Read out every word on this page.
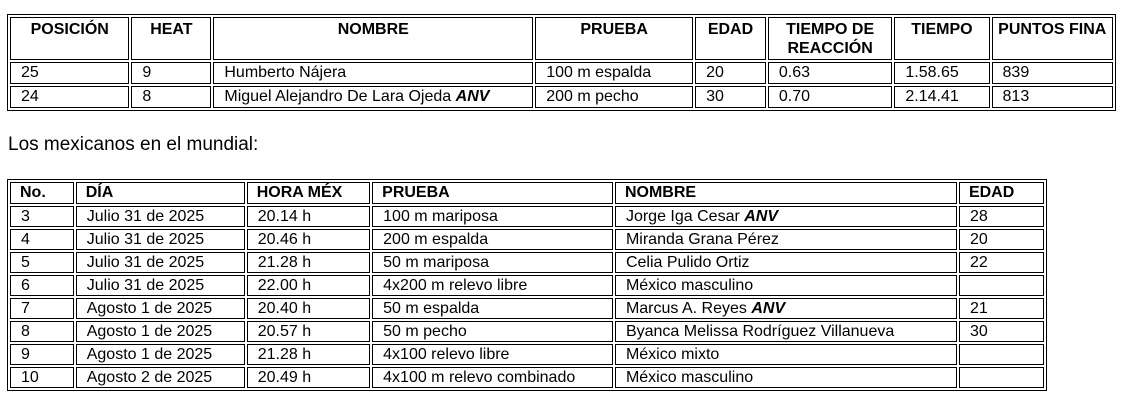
POSICIÓN	HEAT	NOMBRE	PRUEBA	EDAD	TIEMPO DE REACCIÓN	TIEMPO	PUNTOS FINA
25	9	Humberto Nájera	100 m espalda	20	0.63	1.58.65	839
24	8	Miguel Alejandro De Lara Ojeda ANV	200 m pecho	30	0.70	2.14.41	813
Los mexicanos en el mundial:
No.	DÍA	HORA MÉX	PRUEBA	NOMBRE	EDAD
3	Julio 31 de 2025	20.14 h	100 m mariposa	Jorge Iga Cesar ANV	28
4	Julio 31 de 2025	20.46 h	200 m espalda	Miranda Grana Pérez	20
5	Julio 31 de 2025	21.28 h	50 m mariposa	Celia Pulido Ortiz	22
6	Julio 31 de 2025	22.00 h	4x200 m relevo libre	México masculino	
7	Agosto 1 de 2025	20.40 h	50 m espalda	Marcus A. Reyes ANV	21
8	Agosto 1 de 2025	20.57 h	50 m pecho	Byanca Melissa Rodríguez Villanueva	30
9	Agosto 1 de 2025	21.28 h	4x100 relevo libre	México mixto	
10	Agosto 2 de 2025	20.49 h	4x100 m relevo combinado	México masculino	
